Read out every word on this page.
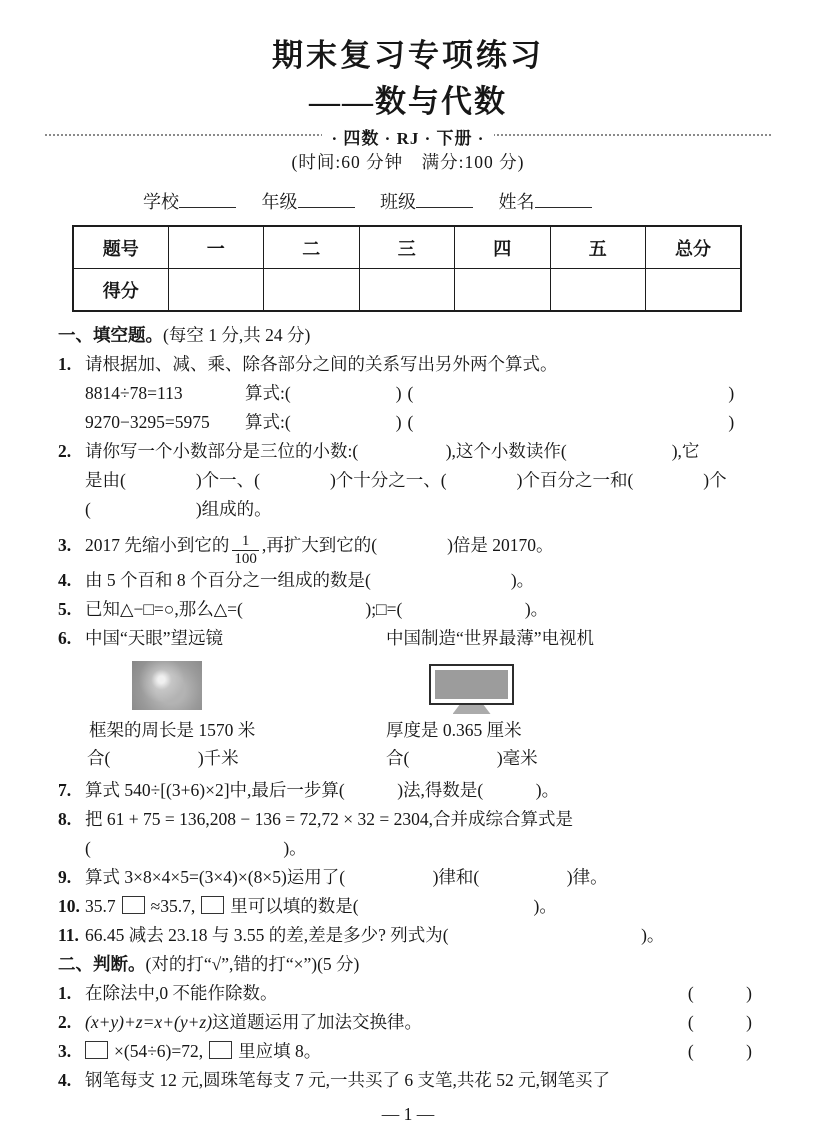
期末复习专项练习
——数与代数
· 四数 · RJ · 下册 ·
(时间:60 分钟　满分:100 分)
学校	年级	班级	姓名
题号	一	二	三	四	五	总分
得分						
一、填空题。(每空 1 分,共 24 分)
1. 请根据加、减、乘、除各部分之间的关系写出另外两个算式。
8814÷78=113	算式:(　　　　　　) (　　　　　　　　　　　　　　　　　　)
9270−3295=5975 算式:(　　　　　　) (　　　　　　　　　　　　　　　　　　)
2. 请你写一个小数部分是三位的小数:(　　　　　),这个小数读作(　　　　　　),它
是由(　　　　)个一、(　　　　)个十分之一、(　　　　)个百分之一和(　　　　)个
(　　　　　　)组成的。
3. 2017 先缩小到它的 $\frac{1}{100}$ ,再扩大到它的(　　　　)倍是 20170。
4. 由 5 个百和 8 个百分之一组成的数是(　　　　　　　　)。
5. 已知△−□=○,那么△=(　　　　　　　);□=(　　　　　　　)。
6. 中国“天眼”望远镜	中国制造“世界最薄”电视机
框架的周长是 1570 米
合(　　　　　)千米
厚度是 0.365 厘米
合(　　　　　)毫米
7. 算式 540÷[(3+6)×2]中,最后一步算(　　　)法,得数是(　　　)。
8. 把 61 + 75 = 136,208 − 136 = 72,72 × 32 = 2304,合并成综合算式是
(　　　　　　　　　　　)。
9. 算式 3×8×4×5=(3×4)×(8×5)运用了(　　　　　)律和(　　　　　)律。
10. 35.7 ≈35.7, 里可以填的数是(　　　　　　　　　　)。
11. 66.45 减去 23.18 与 3.55 的差,差是多少? 列式为(　　　　　　　　　　　)。
二、判断。(对的打“√”,错的打“×”)(5 分)
1. 在除法中,0 不能作除数。	(　　　)
2. (x+y)+z=x+(y+z)这道题运用了加法交换律。	(　　　)
3. ×(54÷6)=72, 里应填 8。	(　　　)
4. 钢笔每支 12 元,圆珠笔每支 7 元,一共买了 6 支笔,共花 52 元,钢笔买了
— 1 —
